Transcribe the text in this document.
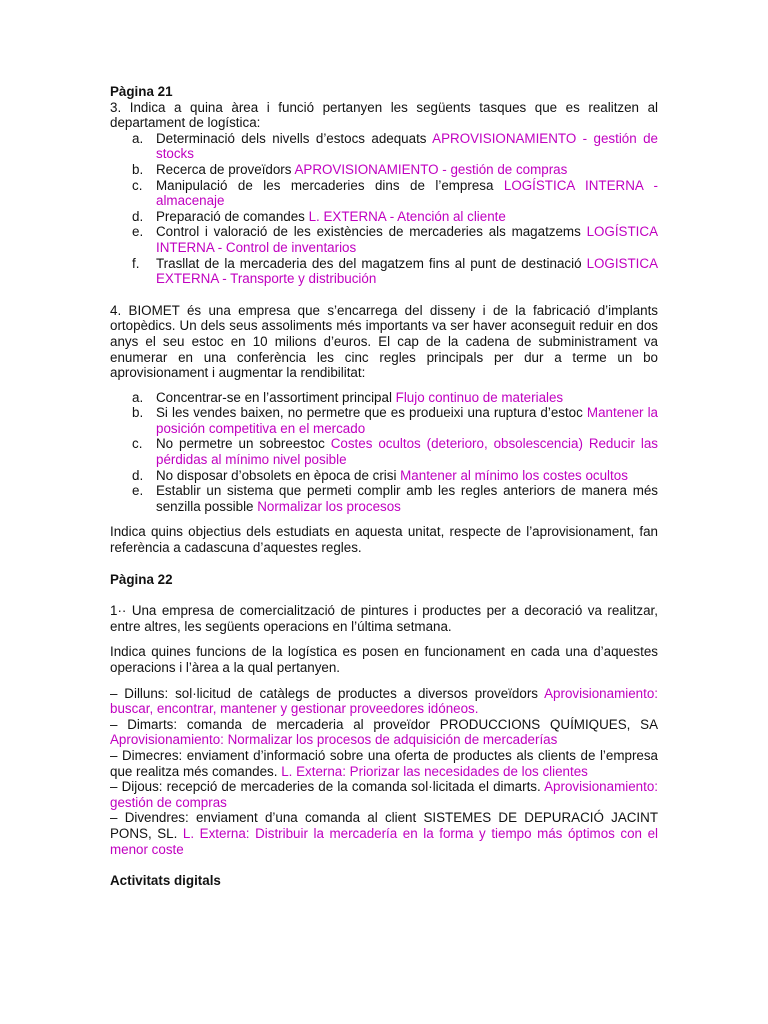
Pàgina 21

3. Indica a quina àrea i funció pertanyen les següents tasques que es realitzen al departament de logística:

a. Determinació dels nivells d’estocs adequats APROVISIONAMIENTO - gestión de stocks
b. Recerca de proveïdors APROVISIONAMIENTO - gestión de compras
c. Manipulació de les mercaderies dins de l’empresa LOGÍSTICA INTERNA - almacenaje
d. Preparació de comandes L. EXTERNA - Atención al cliente
e. Control i valoració de les existències de mercaderies als magatzems LOGÍSTICA INTERNA - Control de inventarios
f. Trasllat de la mercaderia des del magatzem fins al punt de destinació LOGISTICA EXTERNA - Transporte y distribución

4. BIOMET és una empresa que s’encarrega del disseny i de la fabricació d’implants ortopèdics. Un dels seus assoliments més importants va ser haver aconseguit reduir en dos anys el seu estoc en 10 milions d’euros. El cap de la cadena de subministrament va enumerar en una conferència les cinc regles principals per dur a terme un bo aprovisionament i augmentar la rendibilitat:

a. Concentrar-se en l’assortiment principal Flujo continuo de materiales
b. Si les vendes baixen, no permetre que es produeixi una ruptura d’estoc Mantener la posición competitiva en el mercado
c. No permetre un sobreestoc Costes ocultos (deterioro, obsolescencia) Reducir las pérdidas al mínimo nivel posible
d. No disposar d’obsolets en època de crisi Mantener al mínimo los costes ocultos
e. Establir un sistema que permeti complir amb les regles anteriors de manera més senzilla possible Normalizar los procesos

Indica quins objectius dels estudiats en aquesta unitat, respecte de l’aprovisionament, fan referència a cadascuna d’aquestes regles.

Pàgina 22

1·· Una empresa de comercialització de pintures i productes per a decoració va realitzar, entre altres, les següents operacions en l’última setmana.

Indica quines funcions de la logística es posen en funcionament en cada una d’aquestes operacions i l’àrea a la qual pertanyen.

– Dilluns: sol·licitud de catàlegs de productes a diversos proveïdors Aprovisionamiento: buscar, encontrar, mantener y gestionar proveedores idóneos.

– Dimarts: comanda de mercaderia al proveïdor PRODUCCIONS QUÍMIQUES, SA Aprovisionamiento: Normalizar los procesos de adquisición de mercaderías

– Dimecres: enviament d’informació sobre una oferta de productes als clients de l’empresa que realitza més comandes. L. Externa: Priorizar las necesidades de los clientes

– Dijous: recepció de mercaderies de la comanda sol·licitada el dimarts. Aprovisionamiento: gestión de compras

– Divendres: enviament d’una comanda al client SISTEMES DE DEPURACIÓ JACINT PONS, SL. L. Externa: Distribuir la mercadería en la forma y tiempo más óptimos con el menor coste

Activitats digitals
